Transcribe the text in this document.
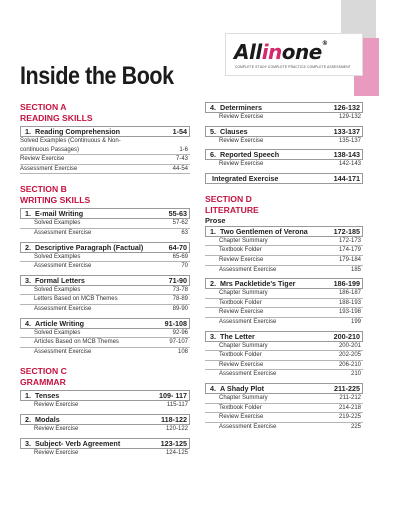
Allinone®
COMPLETE STUDY COMPLETE PRACTICE COMPLETE ASSESSMENT
Inside the Book
SECTION A
READING SKILLS
1. Reading Comprehension	1-54
Solved Examples (Continuous & Non-continuous Passages)	1-6
Review Exercise	7-43
Assessment Exercise	44-54
SECTION B
WRITING SKILLS
1. E-mail Writing	55-63
Solved Examples	57-62
Assessment Exercise	63
2. Descriptive Paragraph (Factual)	64-70
Solved Examples	65-69
Assessment Exercise	70
3. Formal Letters	71-90
Solved Examples	73-78
Letters Based on MCB Themes	78-89
Assessment Exercise	89-90
4. Article Writing	91-108
Solved Examples	92-96
Articles Based on MCB Themes	97-107
Assessment Exercise	108
SECTION C
GRAMMAR
1. Tenses	109- 117
Review Exercise	115-117
2. Modals	118-122
Review Exercise	120-122
3. Subject- Verb Agreement	123-125
Review Exercise	124-125
4. Determiners	126-132
Review Exercise	129-132
5. Clauses	133-137
Review Exercise	135-137
6. Reported Speech	138-143
Review Exercise	142-143
Integrated Exercise	144-171
SECTION D
LITERATURE
Prose
1. Two Gentlemen of Verona	172-185
Chapter Summary	172-173
Textbook Folder	174-179
Review Exercise	179-184
Assessment Exercise	185
2. Mrs Packletide's Tiger	186-199
Chapter Summary	186-187
Textbook Folder	188-193
Review Exercise	193-198
Assessment Exercise	199
3. The Letter	200-210
Chapter Summary	200-201
Textbook Folder	202-205
Review Exercise	206-210
Assessment Exercise	210
4. A Shady Plot	211-225
Chapter Summary	211-212
Textbook Folder	214-218
Review Exercise	219-225
Assessment Exercise	225
